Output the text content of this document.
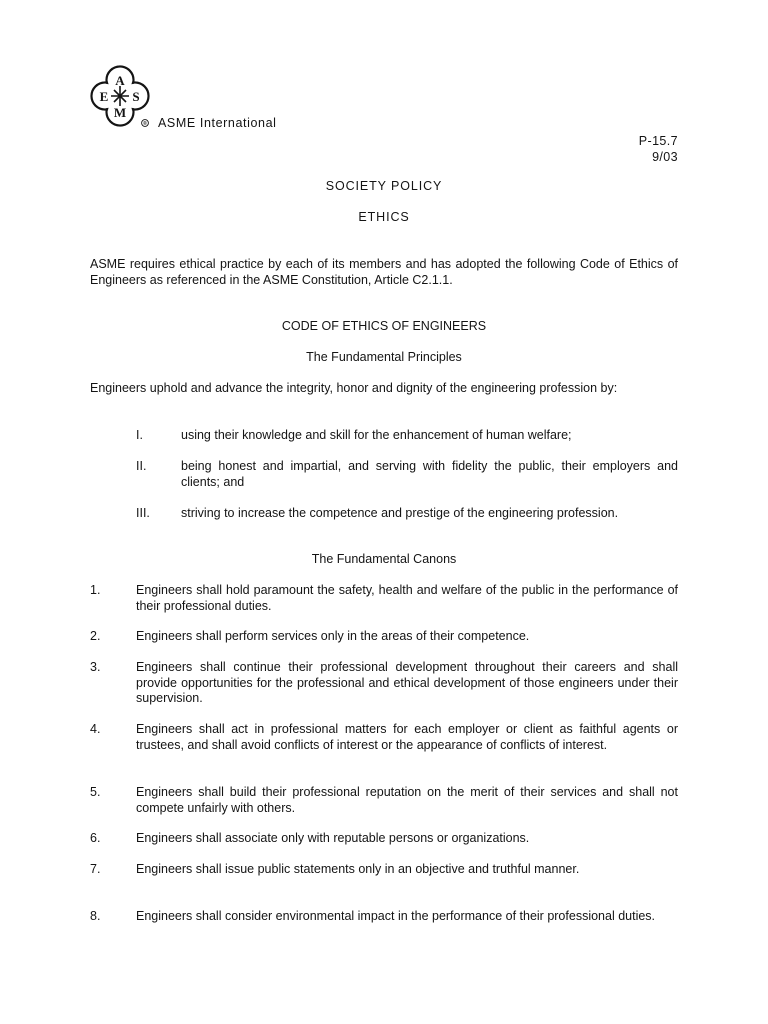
A
S
M
E
® ASME International
P-15.7
9/03
SOCIETY POLICY
ETHICS
ASME requires ethical practice by each of its members and has adopted the following Code of Ethics of Engineers as referenced in the ASME Constitution, Article C2.1.1.
CODE OF ETHICS OF ENGINEERS
The Fundamental Principles
Engineers uphold and advance the integrity, honor and dignity of the engineering profession by:
I.	using their knowledge and skill for the enhancement of human welfare;
II.	being honest and impartial, and serving with fidelity the public, their employers and clients; and
III. striving to increase the competence and prestige of the engineering profession.
The Fundamental Canons
1.	Engineers shall hold paramount the safety, health and welfare of the public in the performance of their professional duties.
2.	Engineers shall perform services only in the areas of their competence.
3.	Engineers shall continue their professional development throughout their careers and shall provide opportunities for the professional and ethical development of those engineers under their supervision.
4.	Engineers shall act in professional matters for each employer or client as faithful agents or trustees, and shall avoid conflicts of interest or the appearance of conflicts of interest.
5.	Engineers shall build their professional reputation on the merit of their services and shall not compete unfairly with others.
6.	Engineers shall associate only with reputable persons or organizations.
7.	Engineers shall issue public statements only in an objective and truthful manner.
8.	Engineers shall consider environmental impact in the performance of their professional duties.
